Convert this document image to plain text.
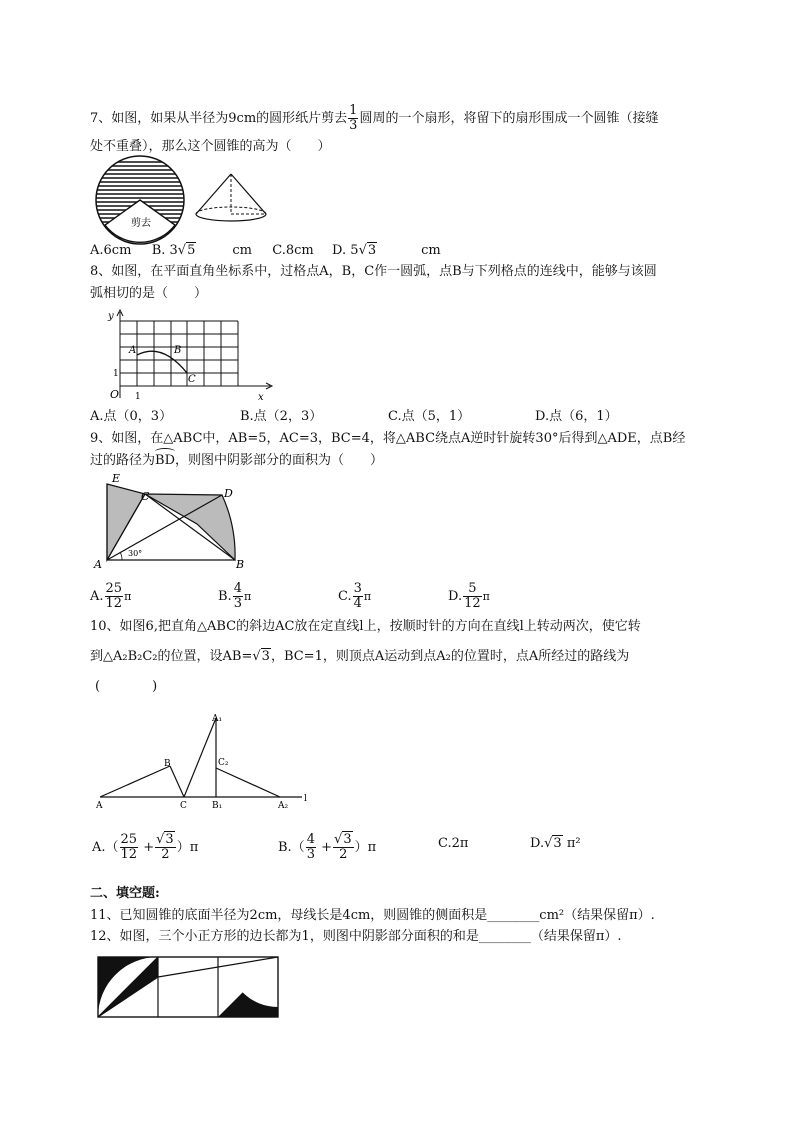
7、如图，如果从半径为9cm的圆形纸片剪去 $\frac{1}{3}$ 圆周的一个扇形，将留下的扇形围成一个圆锥（接缝
处不重叠），那么这个圆锥的高为（　　）
剪去
A.6cm B. 3√5	cm C.8cm D. 5√3	cm
8、如图，在平面直角坐标系中，过格点A，B，C作一圆弧，点B与下列格点的连线中，能够与该圆
弧相切的是（　　）
y
x
O 1
1
A	B
C
A.点（0，3）	B.点（2，3）	C.点（5，1）	D.点（6，1）
9、如图，在△ABC中，AB=5，AC=3，BC=4，将△ABC绕点A逆时针旋转30°后得到△ADE，点B经
过的路径为
BD，则图中阴影部分的面积为（　　）
E
C	D
A	B
30°
A. $\frac{25}{12}$ π	B. $\frac{4}{3}$ π	C. $\frac{3}{4}$ π	D. $\frac{5}{12}$ π
10、如图6,把直角△ABC的斜边AC放在定直线l上，按顺时针的方向在直线l上转动两次，使它转
到△A₂B₂C₂的位置，设AB=√3，BC=1，则顶点A运动到点A₂的位置时，点A所经过的路线为
(　　　　)
A₁
B	C₂
A	C	B₁	A₂
l
$A.( \frac{25}{12} + \frac{√3}{2} )\pi$	$B.( \frac{4}{3} + \frac{√3}{2} )\pi$	C.2π	D.√3 π²
二、填空题:
11、已知圆锥的底面半径为2cm，母线长是4cm，则圆锥的侧面积是________cm²（结果保留π）.
12、如图，三个小正方形的边长都为1，则图中阴影部分面积的和是________（结果保留π）.
